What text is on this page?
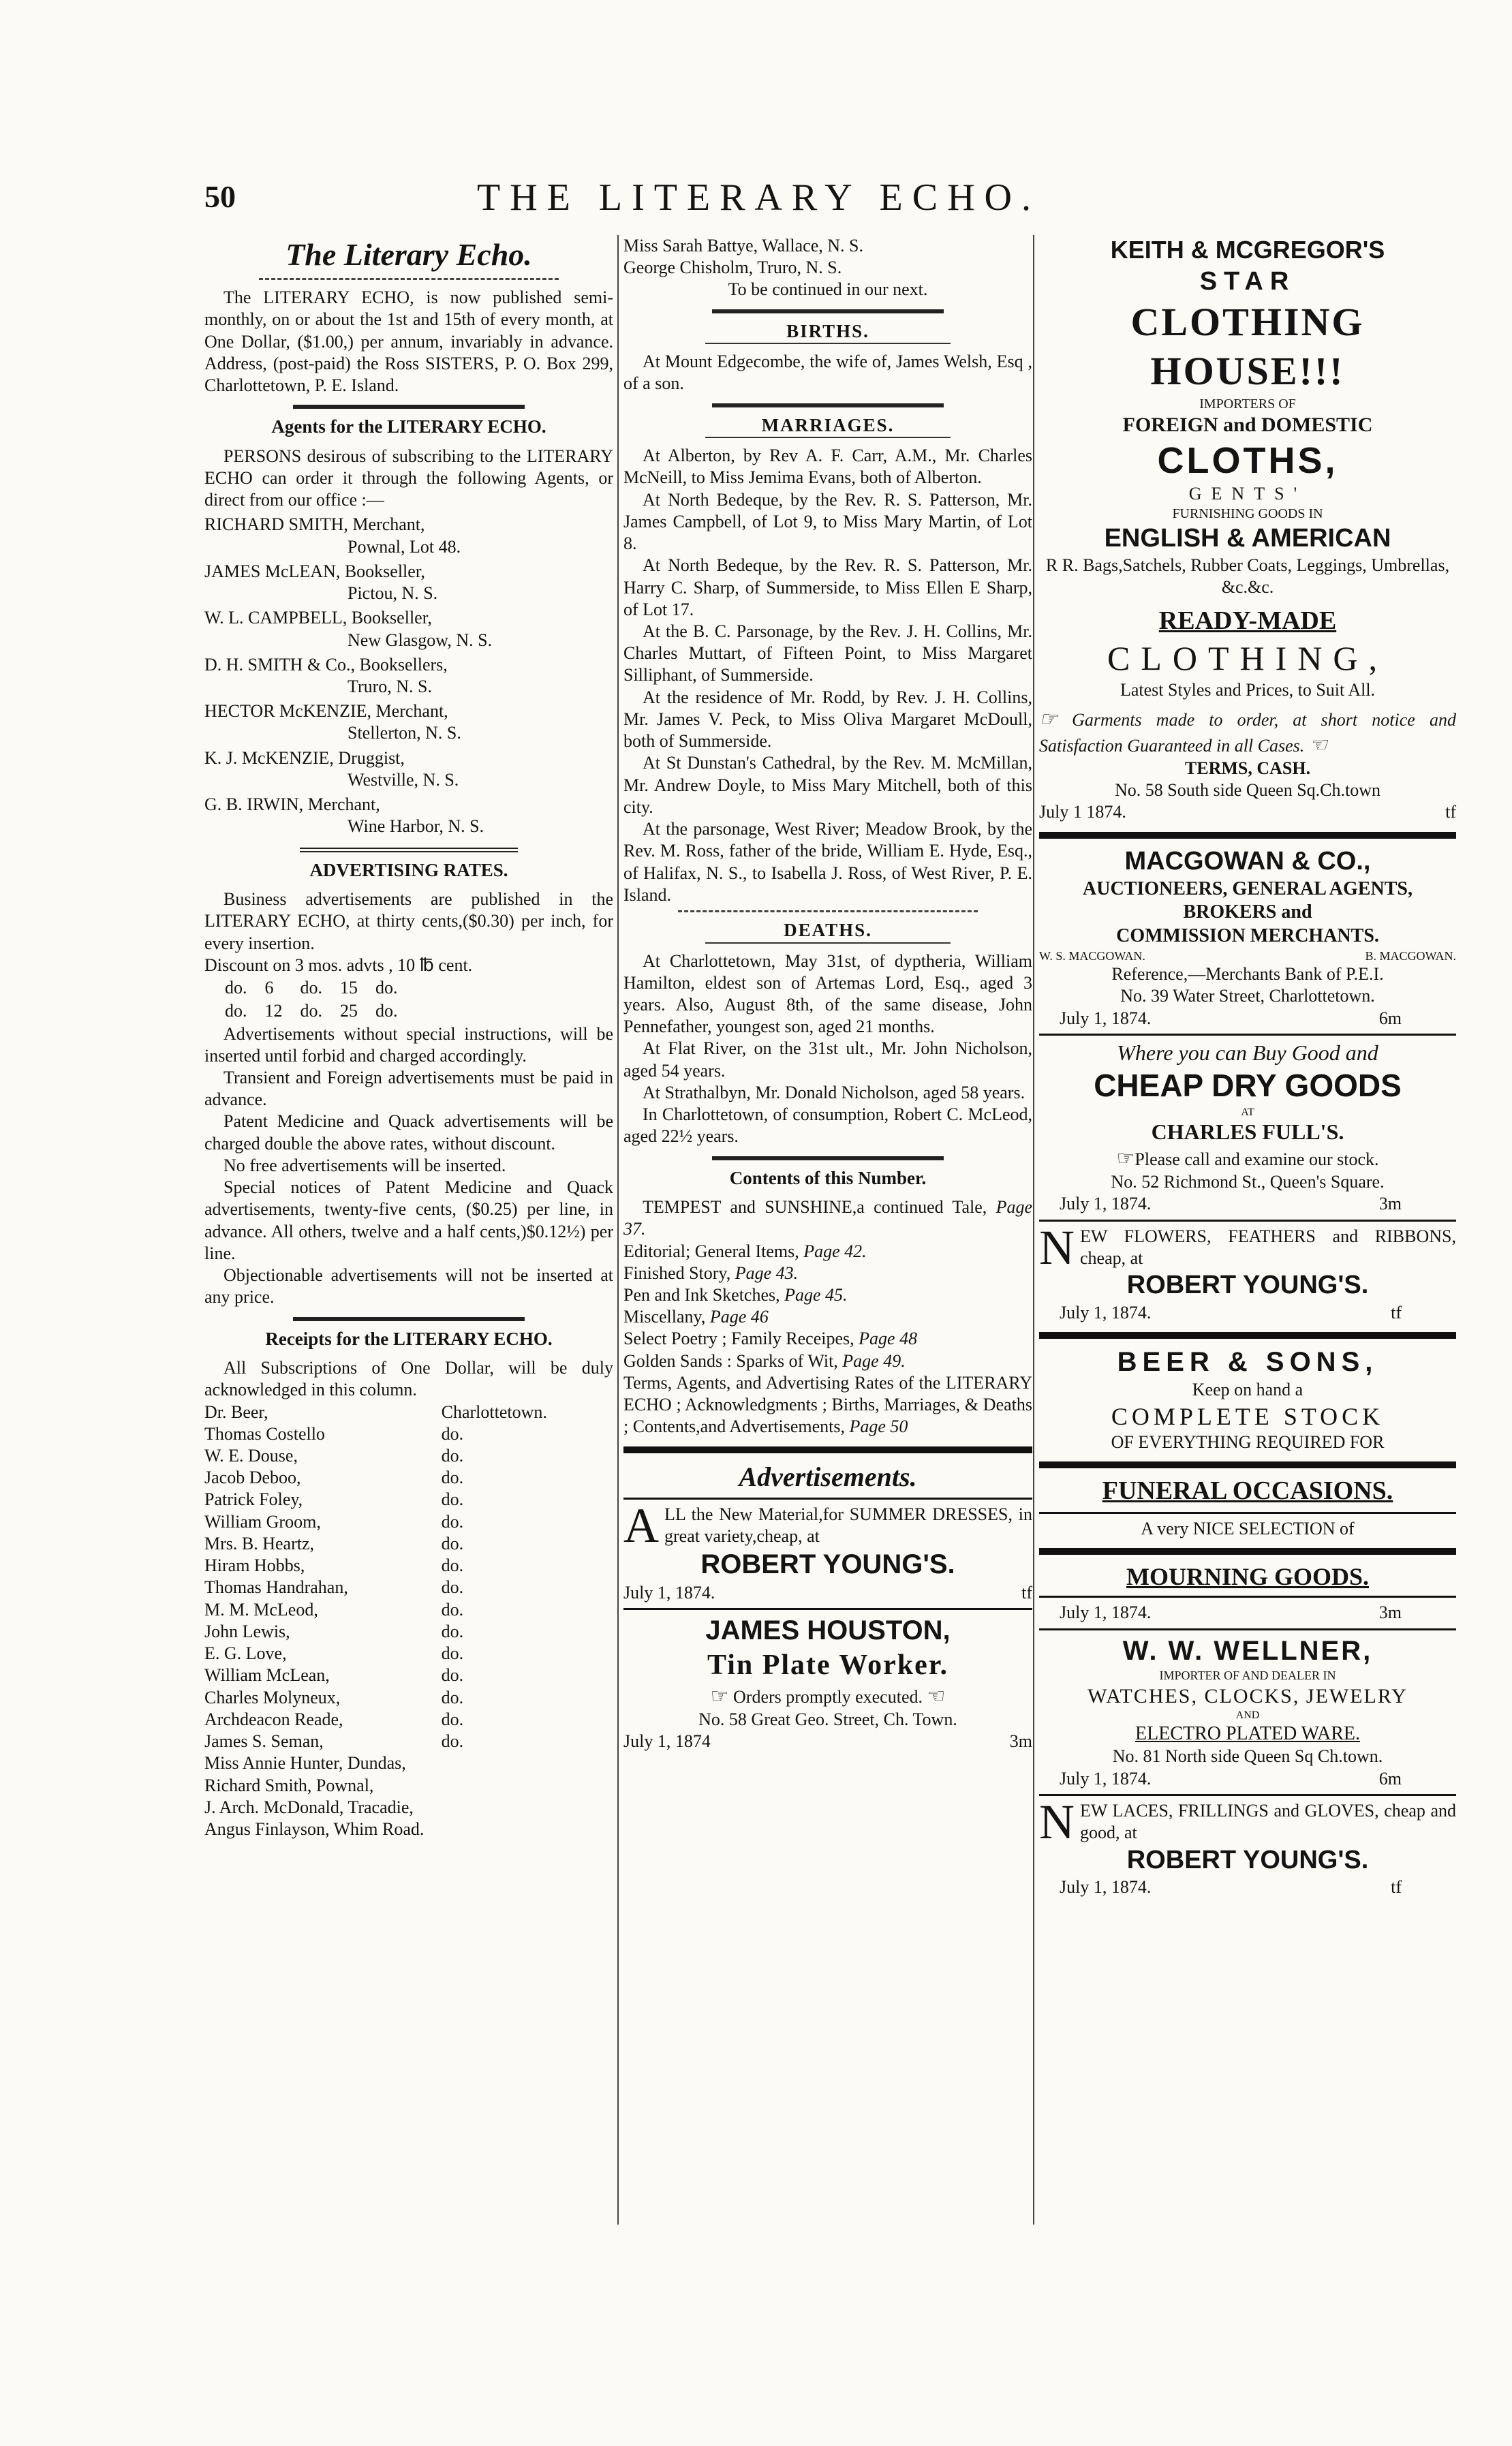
50	THE LITERARY ECHO.
The Literary Echo.

The LITERARY ECHO, is now published semi-monthly, on or about the 1st and 15th of every month, at One Dollar, ($1.00,) per annum, invariably in advance. Address, (post-paid) the Ross SISTERS, P. O. Box 299, Charlottetown, P. E. Island.

Agents for the LITERARY ECHO.

PERSONS desirous of subscribing to the LITERARY ECHO can order it through the following Agents, or direct from our office :—

RICHARD SMITH, Merchant,
Pownal, Lot 48.
JAMES McLEAN, Bookseller,
Pictou, N. S.
W. L. CAMPBELL, Bookseller,
New Glasgow, N. S.
D. H. SMITH & Co., Booksellers,
Truro, N. S.
HECTOR McKENZIE, Merchant,
Stellerton, N. S.
K. J. McKENZIE, Druggist,
Westville, N. S.
G. B. IRWIN, Merchant,
Wine Harbor, N. S.
ADVERTISING RATES.

Business advertisements are published in the LITERARY ECHO, at thirty cents,($0.30) per inch, for every insertion.

Discount on 3 mos. advts , 10 ℔ cent.

do.	6	do.	15	do.
do.	12	do.	25	do.

Advertisements without special instructions, will be inserted until forbid and charged accordingly.

Transient and Foreign advertisements must be paid in advance.

Patent Medicine and Quack advertisements will be charged double the above rates, without discount.

No free advertisements will be inserted.

Special notices of Patent Medicine and Quack advertisements, twenty-five cents, ($0.25) per line, in advance. All others, twelve and a half cents,)$0.12½) per line.

Objectionable advertisements will not be inserted at any price.

Receipts for the LITERARY ECHO.

All Subscriptions of One Dollar, will be duly acknowledged in this column.

Dr. Beer,	Charlottetown.
Thomas Costello	do.
W. E. Douse,	do.
Jacob Deboo,	do.
Patrick Foley,	do.
William Groom,	do.
Mrs. B. Heartz,	do.
Hiram Hobbs,	do.
Thomas Handrahan,	do.
M. M. McLeod,	do.
John Lewis,	do.
E. G. Love,	do.
William McLean,	do.
Charles Molyneux,	do.
Archdeacon Reade,	do.
James S. Seman,	do.

Miss Annie Hunter, Dundas,

Richard Smith, Pownal,

J. Arch. McDonald, Tracadie,

Angus Finlayson, Whim Road.

Miss Sarah Battye, Wallace, N. S.

George Chisholm, Truro, N. S.

To be continued in our next.

BIRTHS.

At Mount Edgecombe, the wife of, James Welsh, Esq , of a son.

MARRIAGES.

At Alberton, by Rev A. F. Carr, A.M., Mr. Charles McNeill, to Miss Jemima Evans, both of Alberton.

At North Bedeque, by the Rev. R. S. Patterson, Mr. James Campbell, of Lot 9, to Miss Mary Martin, of Lot 8.

At North Bedeque, by the Rev. R. S. Patterson, Mr. Harry C. Sharp, of Summerside, to Miss Ellen E Sharp, of Lot 17.

At the B. C. Parsonage, by the Rev. J. H. Collins, Mr. Charles Muttart, of Fifteen Point, to Miss Margaret Silliphant, of Summerside.

At the residence of Mr. Rodd, by Rev. J. H. Collins, Mr. James V. Peck, to Miss Oliva Margaret McDoull, both of Summerside.

At St Dunstan's Cathedral, by the Rev. M. McMillan, Mr. Andrew Doyle, to Miss Mary Mitchell, both of this city.

At the parsonage, West River; Meadow Brook, by the Rev. M. Ross, father of the bride, William E. Hyde, Esq., of Halifax, N. S., to Isabella J. Ross, of West River, P. E. Island.

DEATHS.

At Charlottetown, May 31st, of dyptheria, William Hamilton, eldest son of Artemas Lord, Esq., aged 3 years. Also, August 8th, of the same disease, John Pennefather, youngest son, aged 21 months.

At Flat River, on the 31st ult., Mr. John Nicholson, aged 54 years.

At Strathalbyn, Mr. Donald Nicholson, aged 58 years.

In Charlottetown, of consumption, Robert C. McLeod, aged 22½ years.

Contents of this Number.

TEMPEST and SUNSHINE,a continued Tale, Page 37.

Editorial; General Items, Page 42.

Finished Story, Page 43.

Pen and Ink Sketches, Page 45.

Miscellany, Page 46

Select Poetry ; Family Receipes, Page 48

Golden Sands : Sparks of Wit, Page 49.

Terms, Agents, and Advertising Rates of the LITERARY ECHO ; Acknowledgments ; Births, Marriages, & Deaths ; Contents,and Advertisements, Page 50

Advertisements.

ALL the New Material,for SUMMER DRESSES, in great variety,cheap, at

ROBERT YOUNG'S.
July 1, 1874.	tf
JAMES HOUSTON,
Tin Plate Worker.
☞ Orders promptly executed. ☜
No. 58 Great Geo. Street, Ch. Town.
July 1, 1874	3m
KEITH & MCGREGOR'S
STAR
CLOTHING HOUSE!!!
IMPORTERS OF
FOREIGN and DOMESTIC
CLOTHS,
GENTS'
FURNISHING GOODS IN
ENGLISH & AMERICAN
R R. Bags,Satchels, Rubber Coats, Leggings, Umbrellas, &c.&c.
READY-MADE
CLOTHING,
Latest Styles and Prices, to Suit All.

☞ Garments made to order, at short notice and Satisfaction Guaranteed in all Cases. ☜

TERMS, CASH.
No. 58 South side Queen Sq.Ch.town
July 1 1874.	tf
MACGOWAN & CO.,
AUCTIONEERS, GENERAL AGENTS, BROKERS and
COMMISSION MERCHANTS.
W. S. MACGOWAN.	B. MACGOWAN.
Reference,—Merchants Bank of P.E.I.
No. 39 Water Street, Charlottetown.
July 1, 1874.	6m
Where you can Buy Good and
CHEAP DRY GOODS
AT
CHARLES FULL'S.
☞Please call and examine our stock.
No. 52 Richmond St., Queen's Square.
July 1, 1874.	3m

NEW FLOWERS, FEATHERS and RIBBONS, cheap, at

ROBERT YOUNG'S.
July 1, 1874.	tf
BEER & SONS,
Keep on hand a
COMPLETE STOCK
OF EVERYTHING REQUIRED FOR
FUNERAL OCCASIONS.
A very NICE SELECTION of
MOURNING GOODS.
July 1, 1874.	3m
W. W. WELLNER,
IMPORTER OF AND DEALER IN
WATCHES, CLOCKS, JEWELRY
AND
ELECTRO PLATED WARE.
No. 81 North side Queen Sq Ch.town.
July 1, 1874.	6m

NEW LACES, FRILLINGS and GLOVES, cheap and good, at

ROBERT YOUNG'S.
July 1, 1874.	tf
